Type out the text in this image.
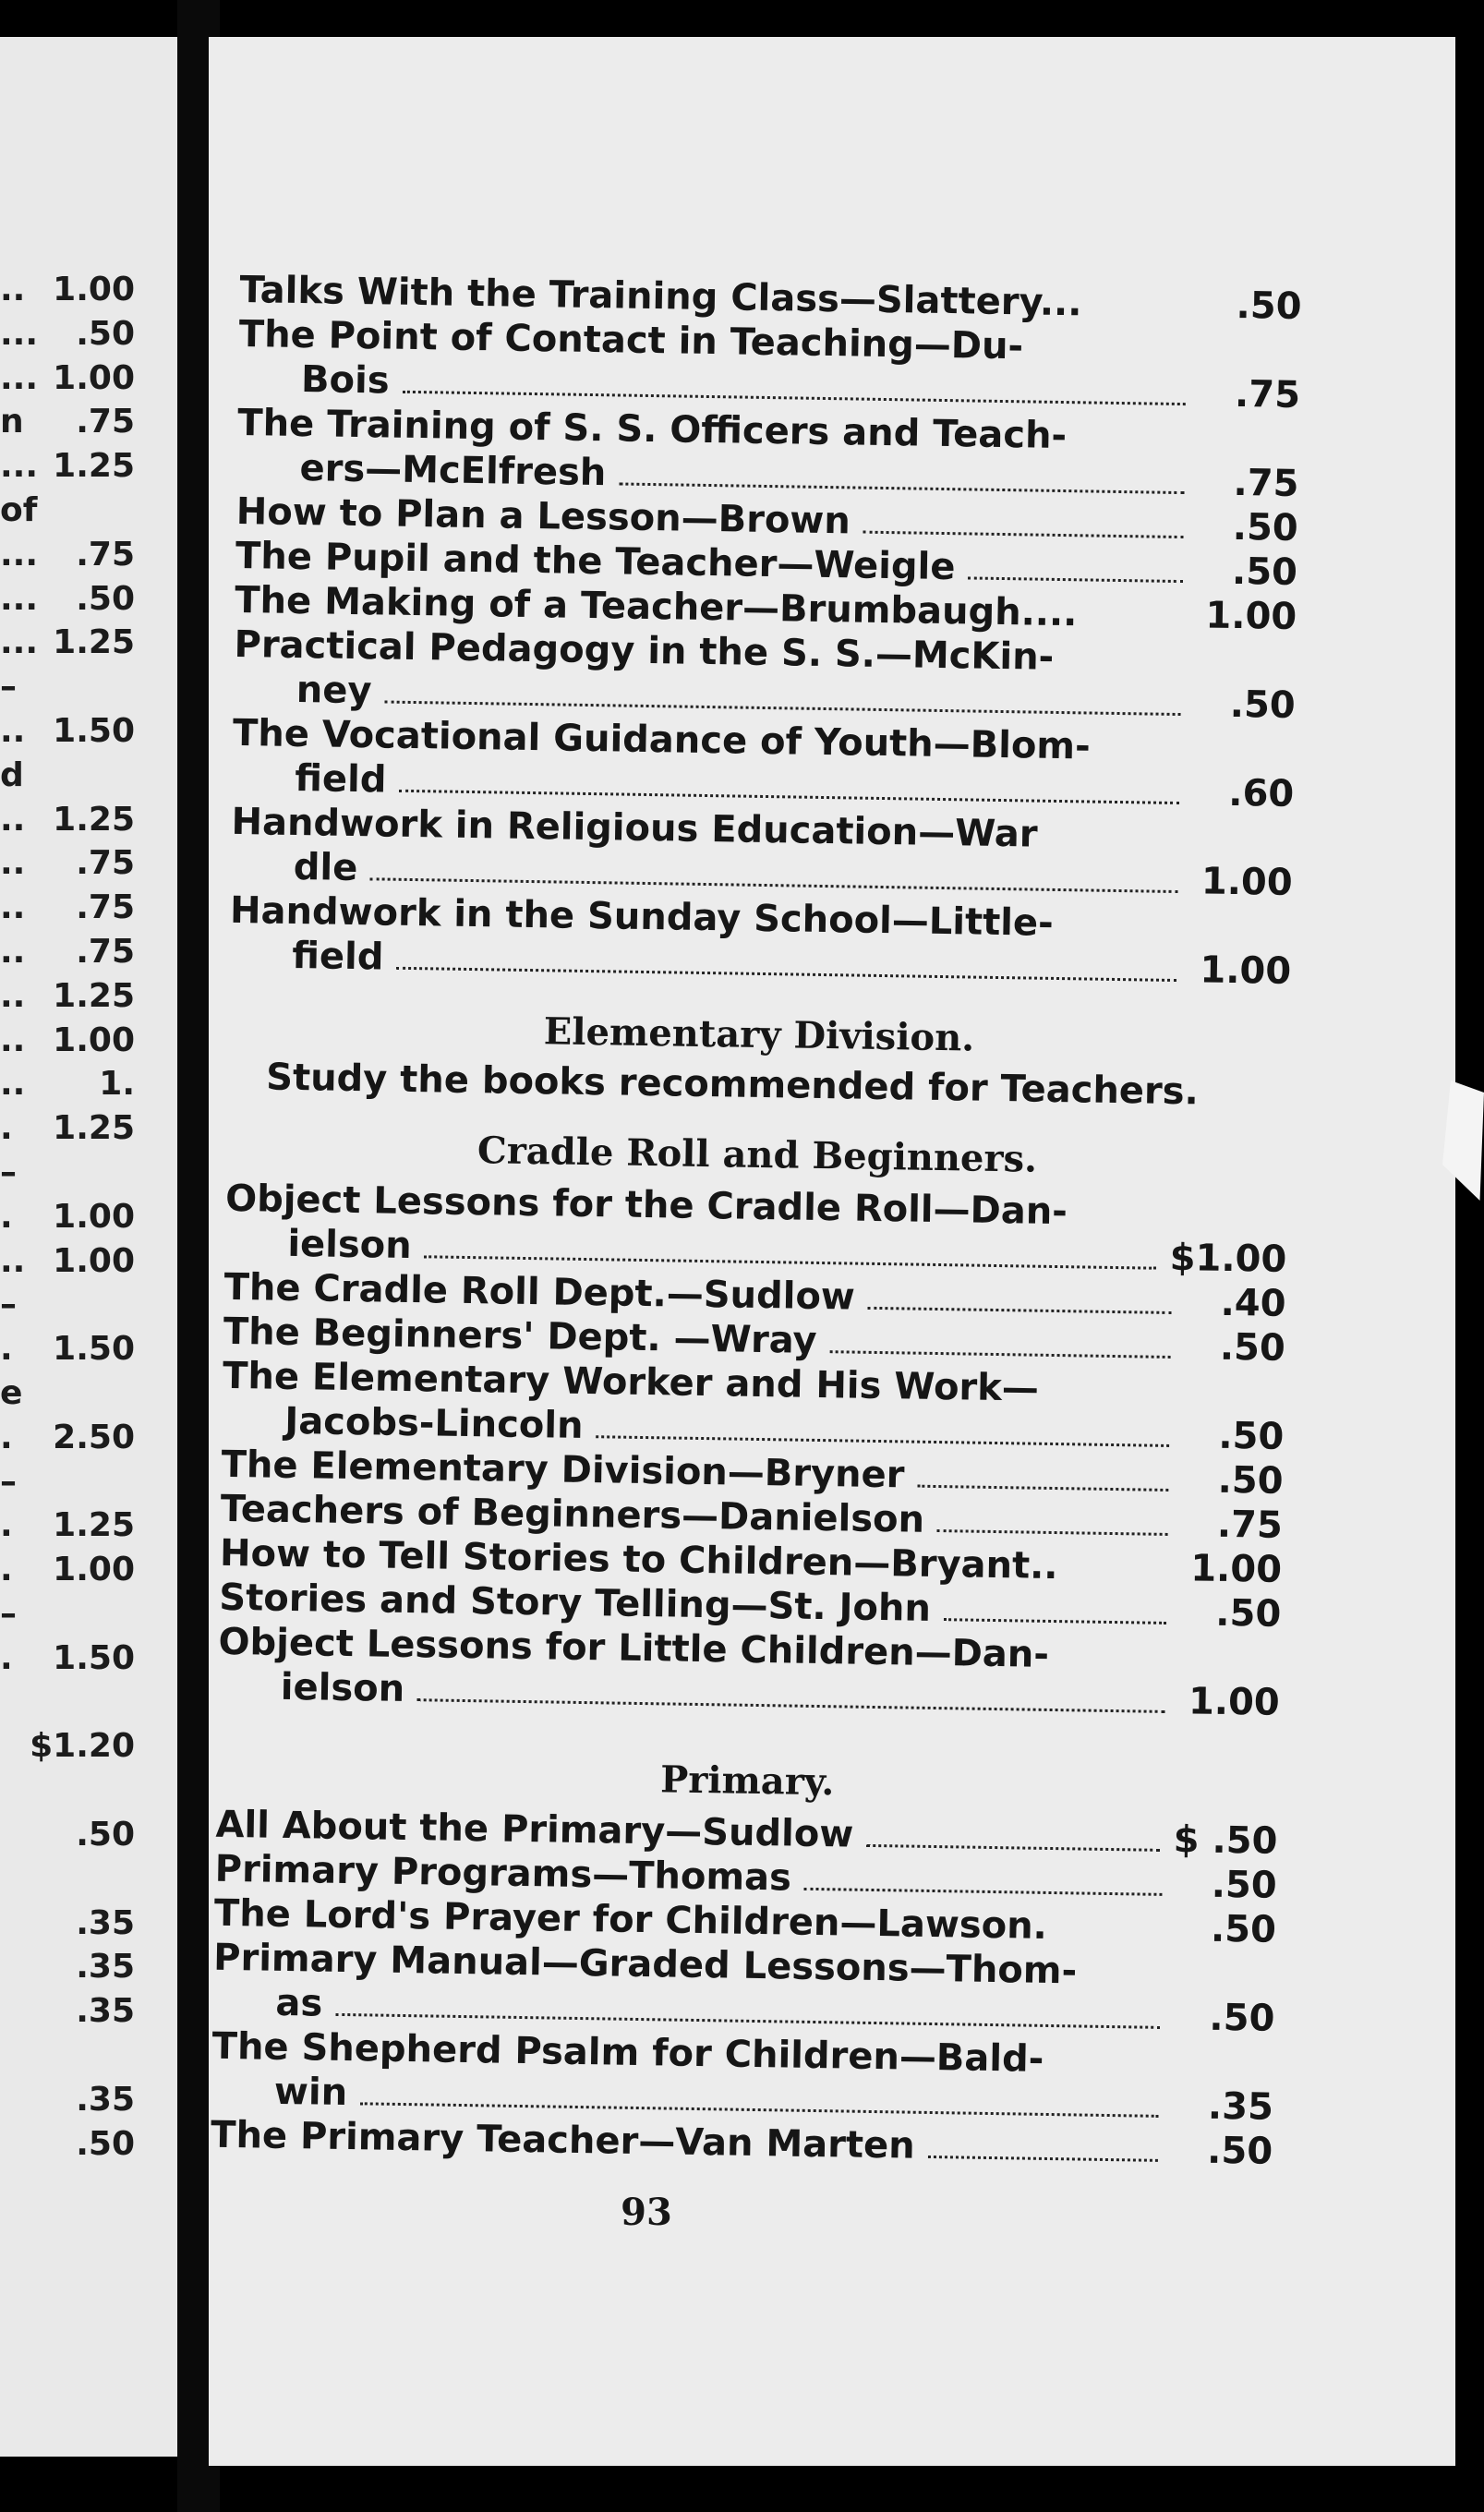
.. 1.00
... .50
... 1.00
n .75
... 1.25
of
... .75
... .50
... 1.25
–
.. 1.50
d
.. 1.25
.. .75
.. .75
.. .75
.. 1.25
.. 1.00
.. 1.
. 1.25
–
. 1.00
.. 1.00
–
. 1.50
e
. 2.50
–
. 1.25
. 1.00
–
. 1.50
$1.20
.50
.35
.35
.35
.35
.50
Talks With the Training Class—Slattery...	.50
The Point of Contact in Teaching—Du-
Bois	.75
The Training of S. S. Officers and Teach-
ers—McElfresh	.75
How to Plan a Lesson—Brown	.50
The Pupil and the Teacher—Weigle	.50
The Making of a Teacher—Brumbaugh....	1.00
Practical Pedagogy in the S. S.—McKin-
ney	.50
The Vocational Guidance of Youth—Blom-
field	.60
Handwork in Religious Education—War
dle	1.00
Handwork in the Sunday School—Little-
field	1.00
Elementary Division.
Study the books recommended for Teachers.
Cradle Roll and Beginners.
Object Lessons for the Cradle Roll—Dan-
ielson	$1.00
The Cradle Roll Dept.—Sudlow	.40
The Beginners' Dept. —Wray	.50
The Elementary Worker and His Work—
Jacobs-Lincoln	.50
The Elementary Division—Bryner	.50
Teachers of Beginners—Danielson	.75
How to Tell Stories to Children—Bryant..	1.00
Stories and Story Telling—St. John	.50
Object Lessons for Little Children—Dan-
ielson	1.00
Primary.
All About the Primary—Sudlow	$ .50
Primary Programs—Thomas	.50
The Lord's Prayer for Children—Lawson.	.50
Primary Manual—Graded Lessons—Thom-
as	.50
The Shepherd Psalm for Children—Bald-
win	.35
The Primary Teacher—Van Marten	.50
93
